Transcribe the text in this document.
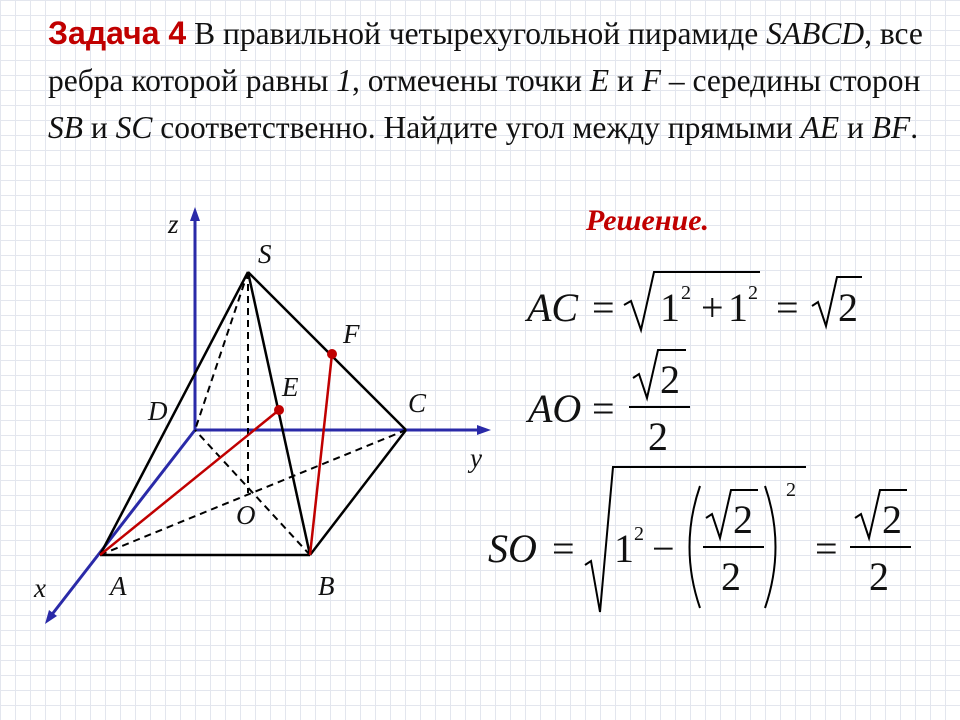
Задача 4 В правильной четырехугольной пирамиде SABCD, все ребра которой равны 1, отмечены точки E и F – середины сторон SB и SC соответственно. Найдите угол между прямыми AE и BF.
Решение.
z
y
x
S
F
E
D	C
O
A	B
AC = 1 2 + 1 2 = 2
AO =
2
2
SO = 1 2 −
2
2
2
=
2
2
